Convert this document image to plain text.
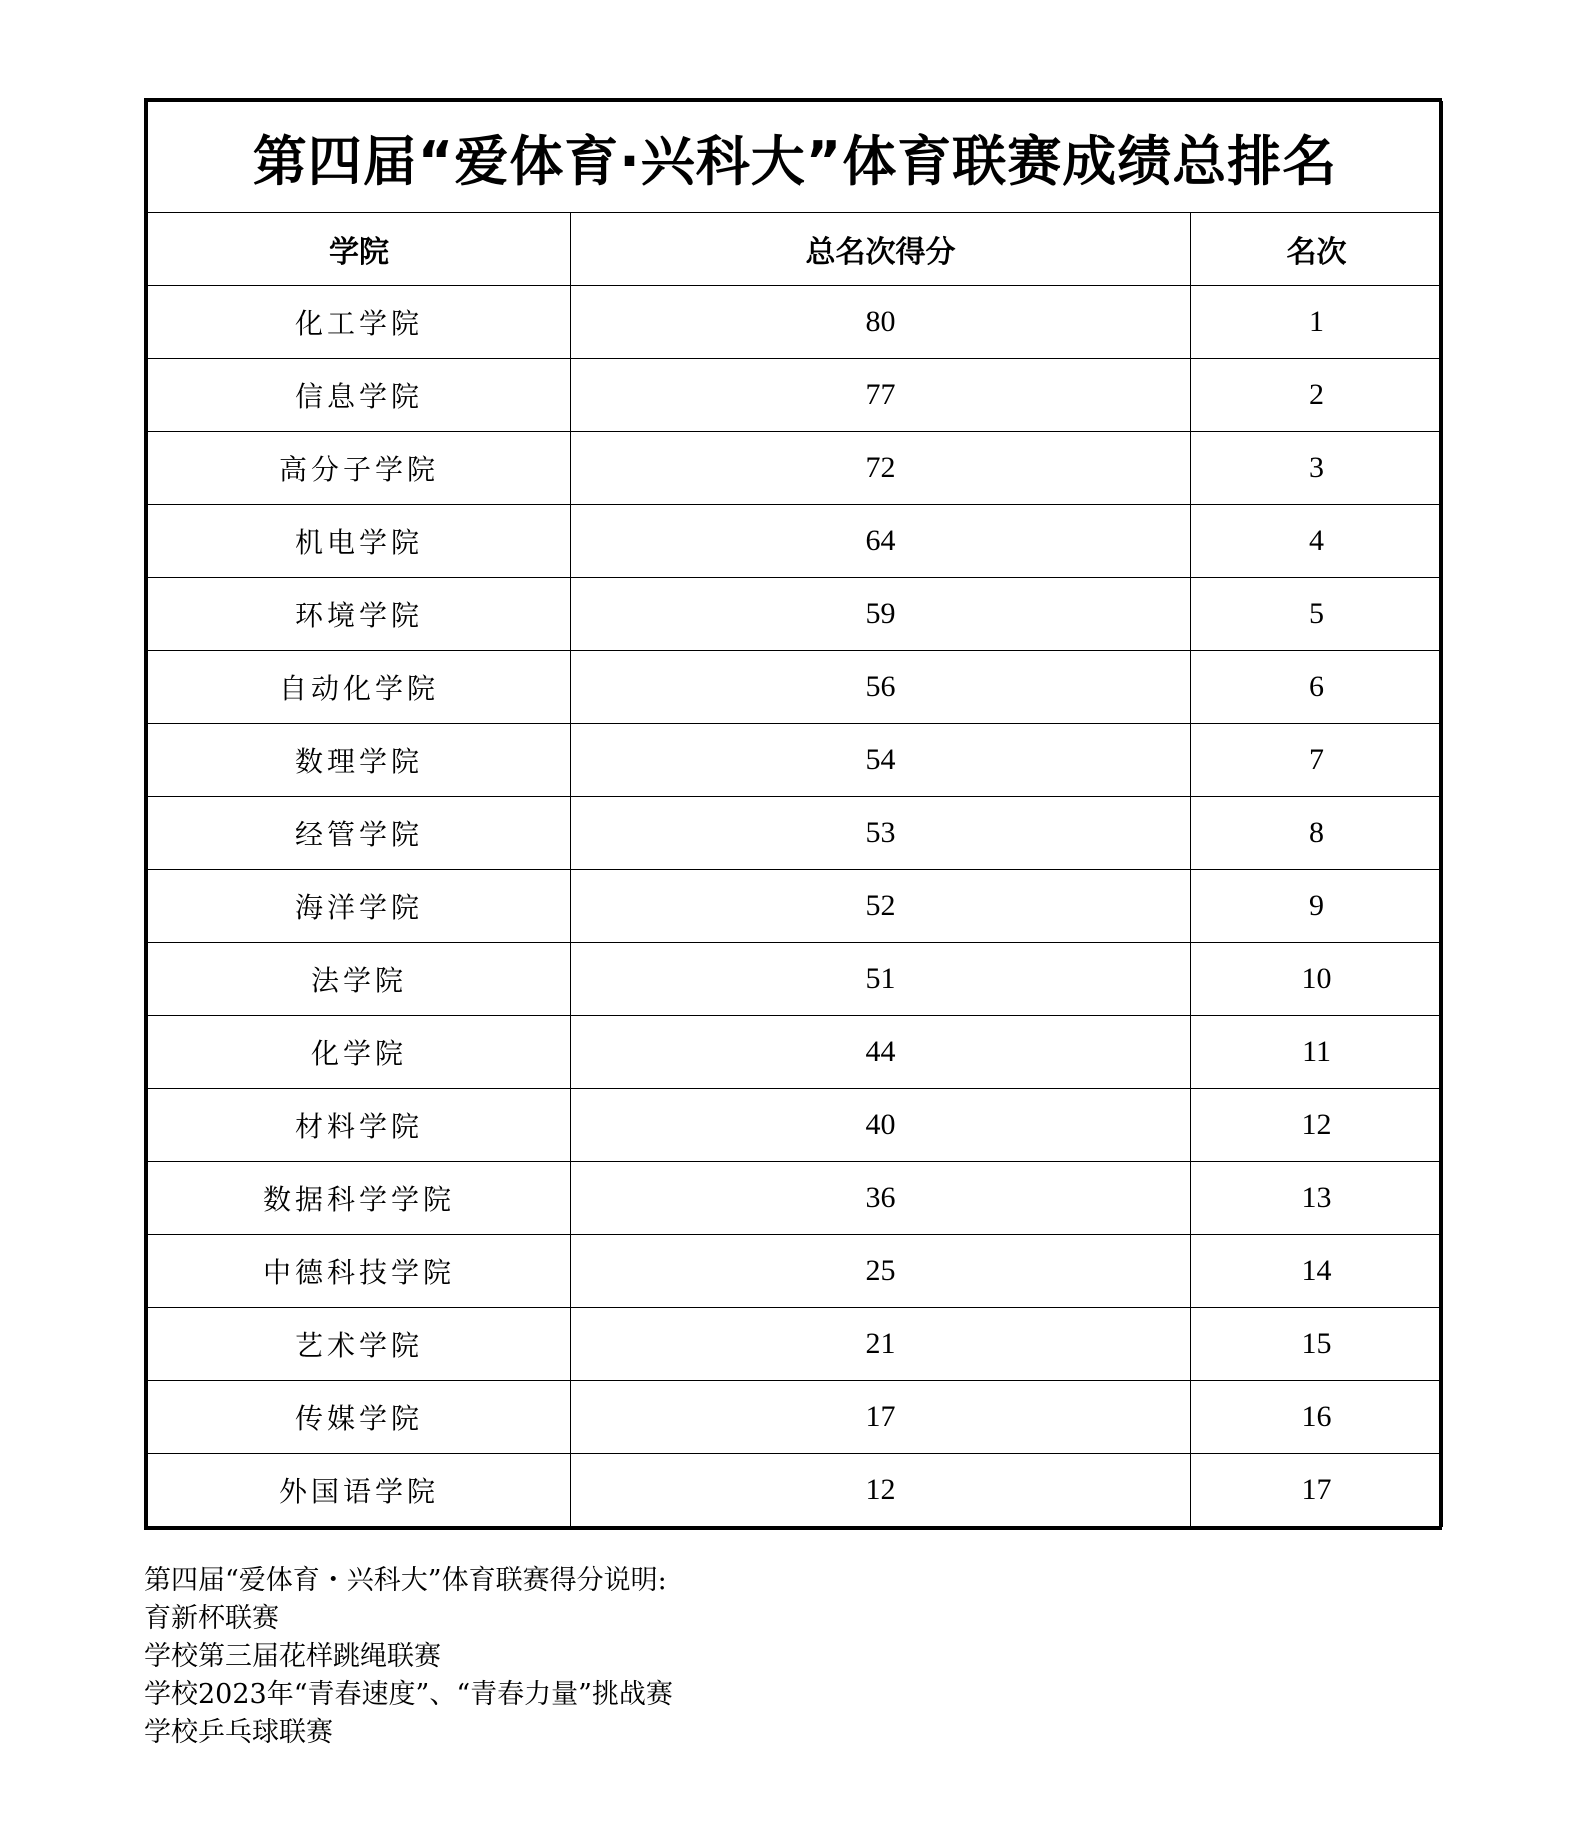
第四届“爱体育·兴科大”体育联赛成绩总排名		
学院	总名次得分	名次
化工学院	80	1
信息学院	77	2
高分子学院	72	3
机电学院	64	4
环境学院	59	5
自动化学院	56	6
数理学院	54	7
经管学院	53	8
海洋学院	52	9
法学院	51	10
化学院	44	11
材料学院	40	12
数据科学学院	36	13
中德科技学院	25	14
艺术学院	21	15
传媒学院	17	16
外国语学院	12	17
第四届“爱体育・兴科大”体育联赛得分说明:
育新杯联赛
学校第三届花样跳绳联赛
学校2023年“青春速度”、“青春力量”挑战赛
学校乒乓球联赛
